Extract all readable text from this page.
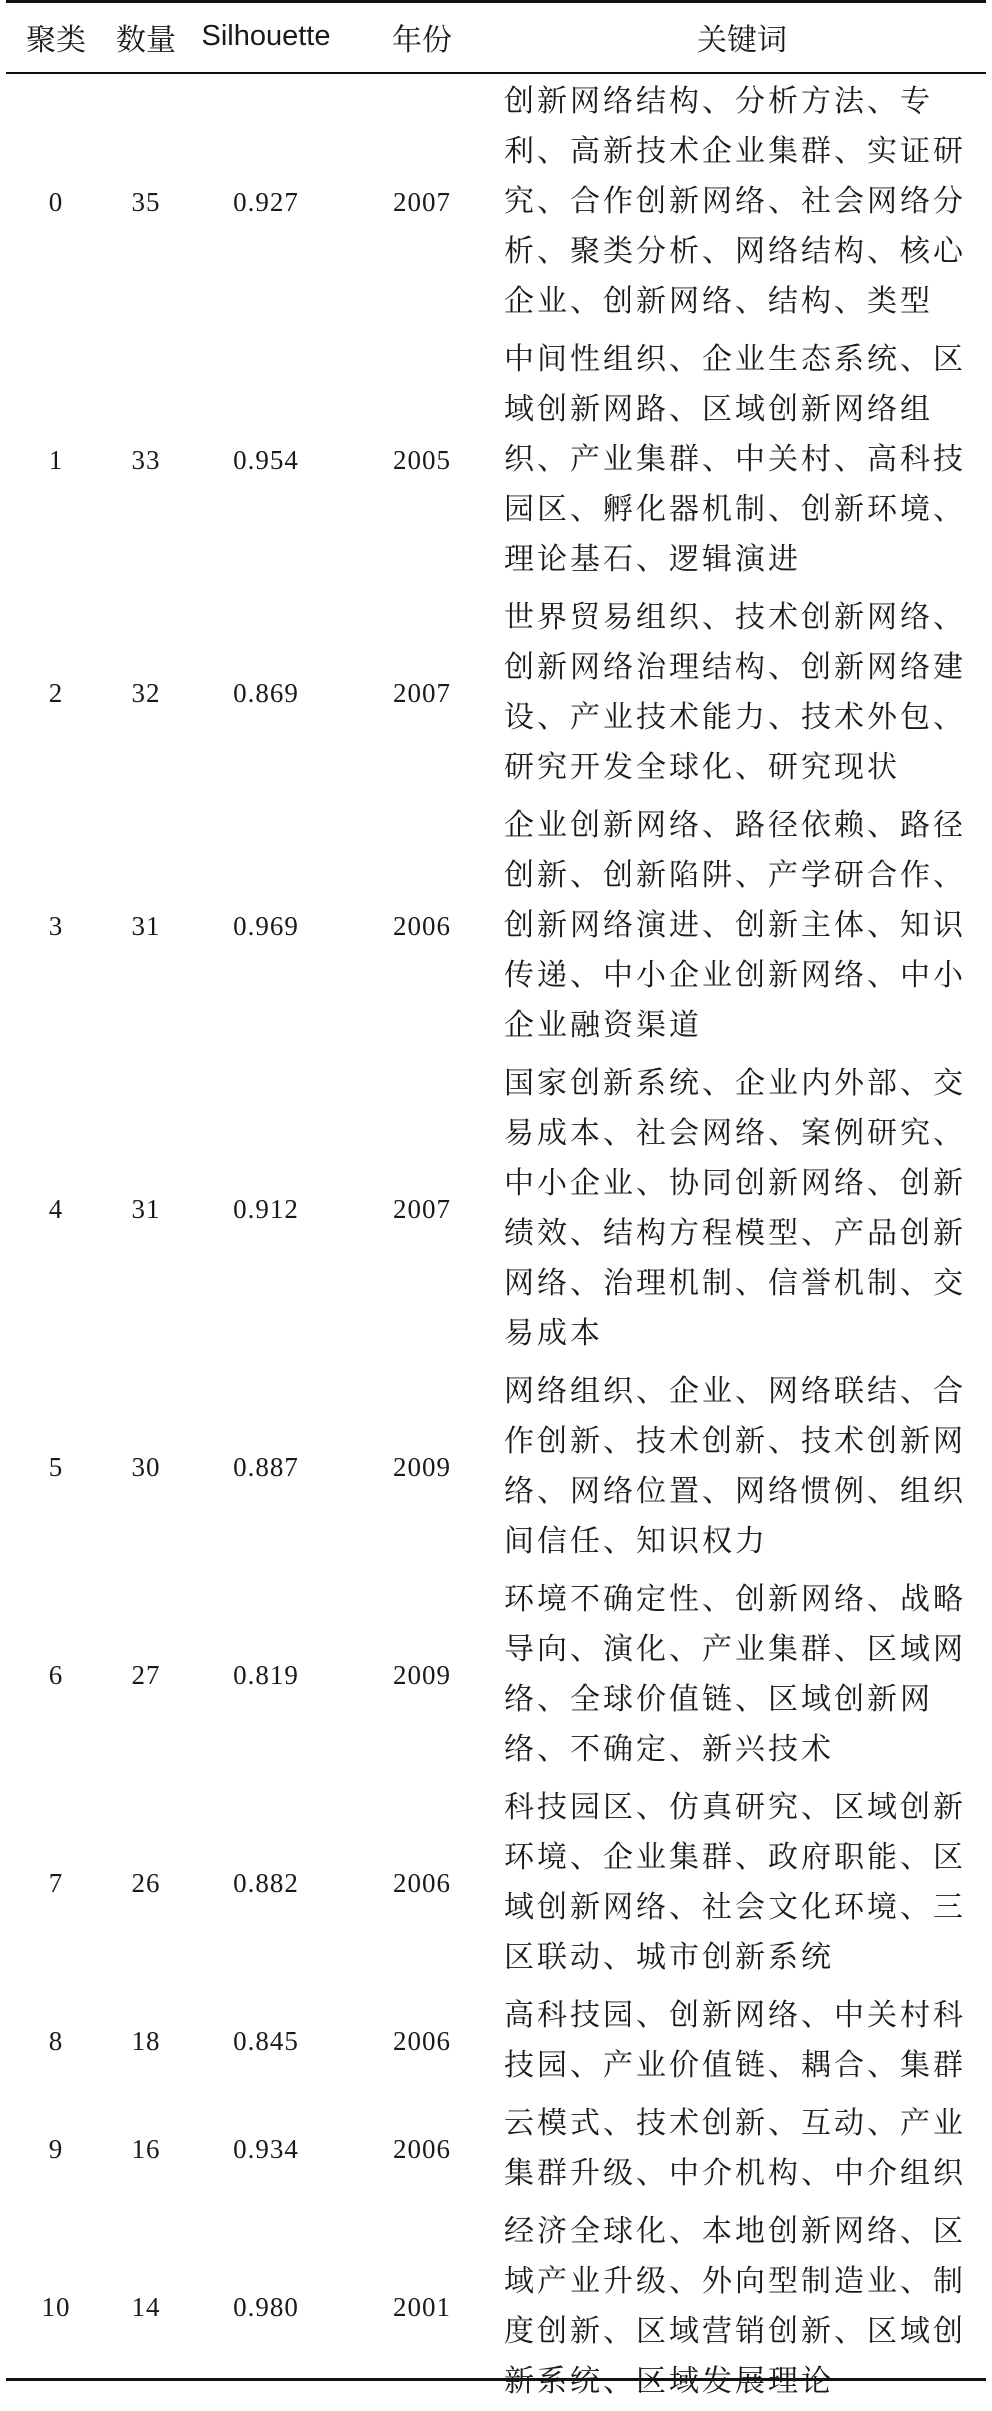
聚类	数量	Silhouette	年份	关键词
0	35	0.927	2007	创新网络结构、分析方法、专利、高新技术企业集群、实证研究、合作创新网络、社会网络分析、聚类分析、网络结构、核心企业、创新网络、结构、类型
1	33	0.954	2005	中间性组织、企业生态系统、区域创新网路、区域创新网络组织、产业集群、中关村、高科技园区、孵化器机制、创新环境、理论基石、逻辑演进
2	32	0.869	2007	世界贸易组织、技术创新网络、创新网络治理结构、创新网络建设、产业技术能力、技术外包、研究开发全球化、研究现状
3	31	0.969	2006	企业创新网络、路径依赖、路径创新、创新陷阱、产学研合作、创新网络演进、创新主体、知识传递、中小企业创新网络、中小企业融资渠道
4	31	0.912	2007	国家创新系统、企业内外部、交易成本、社会网络、案例研究、中小企业、协同创新网络、创新绩效、结构方程模型、产品创新网络、治理机制、信誉机制、交易成本
5	30	0.887	2009	网络组织、企业、网络联结、合作创新、技术创新、技术创新网络、网络位置、网络惯例、组织间信任、知识权力
6	27	0.819	2009	环境不确定性、创新网络、战略导向、演化、产业集群、区域网络、全球价值链、区域创新网络、不确定、新兴技术
7	26	0.882	2006	科技园区、仿真研究、区域创新环境、企业集群、政府职能、区域创新网络、社会文化环境、三区联动、城市创新系统
8	18	0.845	2006	高科技园、创新网络、中关村科技园、产业价值链、耦合、集群
9	16	0.934	2006	云模式、技术创新、互动、产业集群升级、中介机构、中介组织
10	14	0.980	2001	经济全球化、本地创新网络、区域产业升级、外向型制造业、制度创新、区域营销创新、区域创新系统、区域发展理论
